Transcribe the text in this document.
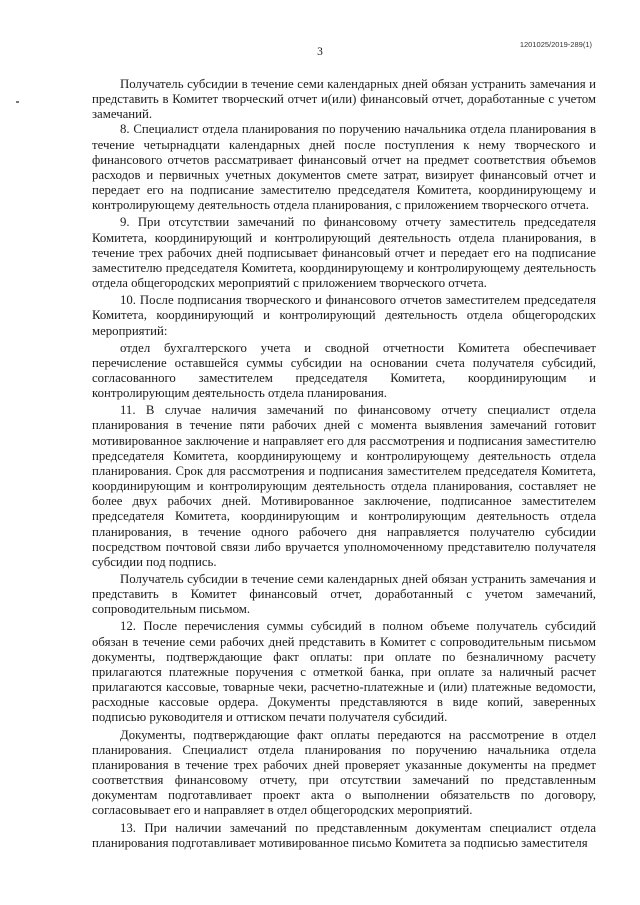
1201025/2019-289(1)
3

Получатель субсидии в течение семи календарных дней обязан устранить замечания и представить в Комитет творческий отчет и(или) финансовый отчет, доработанные с учетом замечаний.

8. Специалист отдела планирования по поручению начальника отдела планирования в течение четырнадцати календарных дней после поступления к нему творческого и финансового отчетов рассматривает финансовый отчет на предмет соответствия объемов расходов и первичных учетных документов смете затрат, визирует финансовый отчет и передает его на подписание заместителю председателя Комитета, координирующему и контролирующему деятельность отдела планирования, с приложением творческого отчета.

9. При отсутствии замечаний по финансовому отчету заместитель председателя Комитета, координирующий и контролирующий деятельность отдела планирования, в течение трех рабочих дней подписывает финансовый отчет и передает его на подписание заместителю председателя Комитета, координирующему и контролирующему деятельность отдела общегородских мероприятий с приложением творческого отчета.

10. После подписания творческого и финансового отчетов заместителем председателя Комитета, координирующий и контролирующий деятельность отдела общегородских мероприятий:

отдел бухгалтерского учета и сводной отчетности Комитета обеспечивает перечисление оставшейся суммы субсидии на основании счета получателя субсидий, согласованного заместителем председателя Комитета, координирующим и контролирующим деятельность отдела планирования.

11. В случае наличия замечаний по финансовому отчету специалист отдела планирования в течение пяти рабочих дней с момента выявления замечаний готовит мотивированное заключение и направляет его для рассмотрения и подписания заместителю председателя Комитета, координирующему и контролирующему деятельность отдела планирования. Срок для рассмотрения и подписания заместителем председателя Комитета, координирующим и контролирующим деятельность отдела планирования, составляет не более двух рабочих дней. Мотивированное заключение, подписанное заместителем председателя Комитета, координирующим и контролирующим деятельность отдела планирования, в течение одного рабочего дня направляется получателю субсидии посредством почтовой связи либо вручается уполномоченному представителю получателя субсидии под подпись.

Получатель субсидии в течение семи календарных дней обязан устранить замечания и представить в Комитет финансовый отчет, доработанный с учетом замечаний, сопроводительным письмом.

12. После перечисления суммы субсидий в полном объеме получатель субсидий обязан в течение семи рабочих дней представить в Комитет с сопроводительным письмом документы, подтверждающие факт оплаты: при оплате по безналичному расчету прилагаются платежные поручения с отметкой банка, при оплате за наличный расчет прилагаются кассовые, товарные чеки, расчетно-платежные и (или) платежные ведомости, расходные кассовые ордера. Документы представляются в виде копий, заверенных подписью руководителя и оттиском печати получателя субсидий.

Документы, подтверждающие факт оплаты передаются на рассмотрение в отдел планирования. Специалист отдела планирования по поручению начальника отдела планирования в течение трех рабочих дней проверяет указанные документы на предмет соответствия финансовому отчету, при отсутствии замечаний по представленным документам подготавливает проект акта о выполнении обязательств по договору, согласовывает его и направляет в отдел общегородских мероприятий.

13. При наличии замечаний по представленным документам специалист отдела планирования подготавливает мотивированное письмо Комитета за подписью заместителя
